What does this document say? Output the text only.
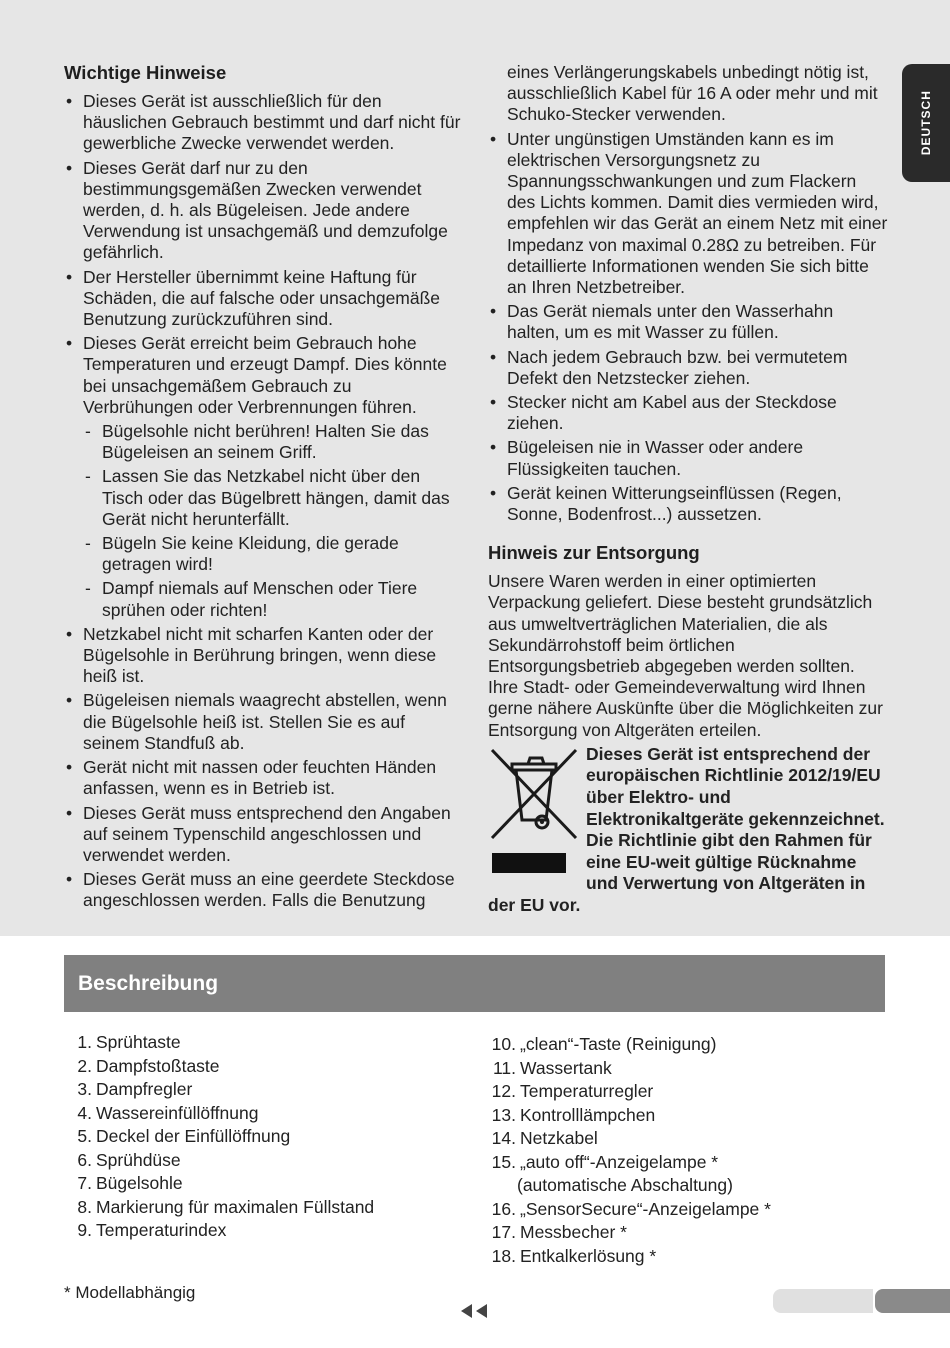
DEUTSCH
Wichtige Hinweise
• Dieses Gerät ist ausschließlich für den häuslichen Gebrauch bestimmt und darf nicht für gewerbliche Zwecke verwendet werden.
• Dieses Gerät darf nur zu den bestimmungsgemäßen Zwecken verwendet werden, d. h. als Bügeleisen. Jede andere Verwendung ist unsachgemäß und demzufolge gefährlich.
• Der Hersteller übernimmt keine Haftung für Schäden, die auf falsche oder unsachgemäße Benutzung zurückzuführen sind.
• Dieses Gerät erreicht beim Gebrauch hohe Temperaturen und erzeugt Dampf. Dies könnte bei unsachgemäßem Gebrauch zu Verbrühungen oder Verbrennungen führen.
- Bügelsohle nicht berühren! Halten Sie das Bügeleisen an seinem Griff.
- Lassen Sie das Netzkabel nicht über den Tisch oder das Bügelbrett hängen, damit das Gerät nicht herunterfällt.
- Bügeln Sie keine Kleidung, die gerade getragen wird!
- Dampf niemals auf Menschen oder Tiere sprühen oder richten!
• Netzkabel nicht mit scharfen Kanten oder der Bügelsohle in Berührung bringen, wenn diese heiß ist.
• Bügeleisen niemals waagrecht abstellen, wenn die Bügelsohle heiß ist. Stellen Sie es auf seinem Standfuß ab.
• Gerät nicht mit nassen oder feuchten Händen anfassen, wenn es in Betrieb ist.
• Dieses Gerät muss entsprechend den Angaben auf seinem Typenschild angeschlossen und verwendet werden.
• Dieses Gerät muss an eine geerdete Steckdose angeschlossen werden. Falls die Benutzung
eines Verlängerungskabels unbedingt nötig ist, ausschließlich Kabel für 16 A oder mehr und mit Schuko-Stecker verwenden.
• Unter ungünstigen Umständen kann es im elektrischen Versorgungsnetz zu Spannungsschwankungen und zum Flackern des Lichts kommen. Damit dies vermieden wird, empfehlen wir das Gerät an einem Netz mit einer Impedanz von maximal 0.28Ω zu betreiben. Für detaillierte Informationen wenden Sie sich bitte an Ihren Netzbetreiber.
• Das Gerät niemals unter den Wasserhahn halten, um es mit Wasser zu füllen.
• Nach jedem Gebrauch bzw. bei vermutetem Defekt den Netzstecker ziehen.
• Stecker nicht am Kabel aus der Steckdose ziehen.
• Bügeleisen nie in Wasser oder andere Flüssigkeiten tauchen.
• Gerät keinen Witterungseinflüssen (Regen, Sonne, Bodenfrost...) aussetzen.
Hinweis zur Entsorgung

Unsere Waren werden in einer optimierten Verpackung geliefert. Diese besteht grundsätzlich aus umweltverträglichen Materialien, die als Sekundärrohstoff beim örtlichen Entsorgungsbetrieb abgegeben werden sollten. Ihre Stadt- oder Gemeindeverwaltung wird Ihnen gerne nähere Auskünfte über die Möglichkeiten zur Entsorgung von Altgeräten erteilen.

Dieses Gerät ist entsprechend der europäischen Richtlinie 2012/19/EU über Elektro- und Elektronikaltgeräte gekennzeichnet. Die Richtlinie gibt den Rahmen für eine EU-weit gültige Rücknahme und Verwertung von Altgeräten in der EU vor.
Beschreibung
1. Sprühtaste
2. Dampfstoßtaste
3. Dampfregler
4. Wassereinfüllöffnung
5. Deckel der Einfüllöffnung
6. Sprühdüse
7. Bügelsohle
8. Markierung für maximalen Füllstand
9. Temperaturindex
10. „clean“-Taste (Reinigung)
11. Wassertank
12. Temperaturregler
13. Kontrolllämpchen
14. Netzkabel
15. „auto off“-Anzeigelampe *
(automatische Abschaltung)
16. „SensorSecure“-Anzeigelampe *
17. Messbecher *
18. Entkalkerlösung *
* Modellabhängig
